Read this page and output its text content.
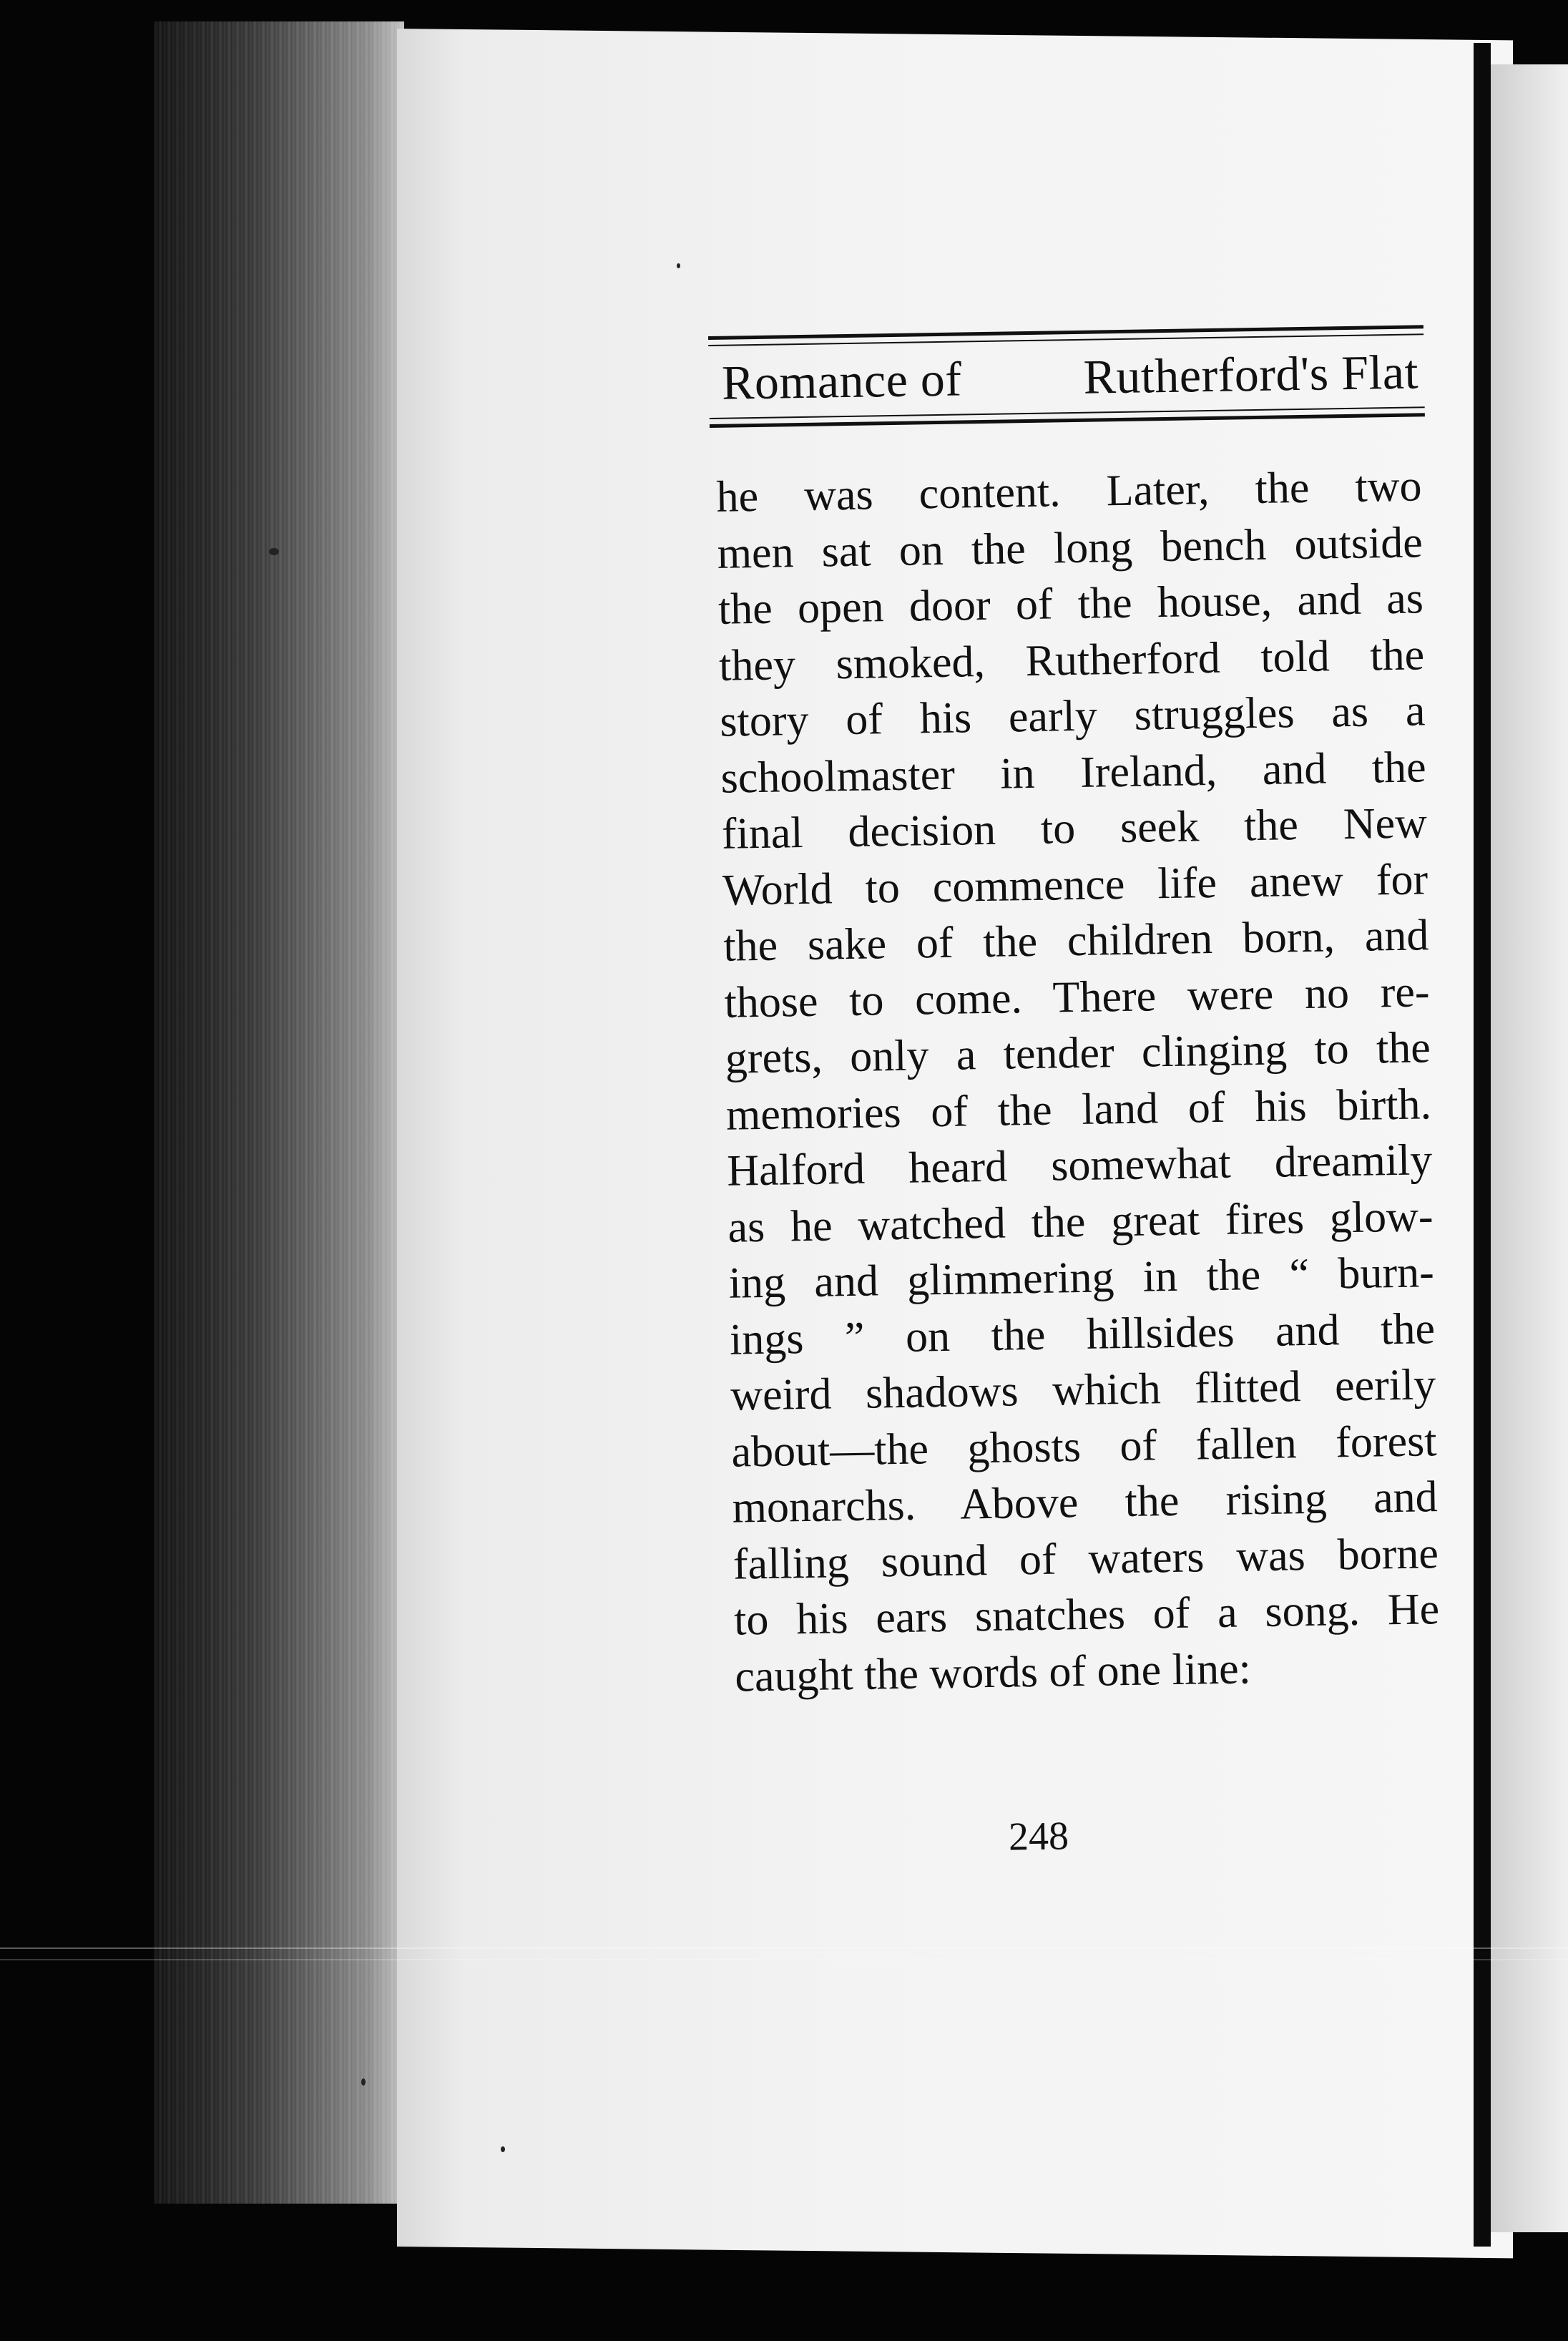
Romance of Rutherford's Flat
he was content. Later, the two
men sat on the long bench outside
the open door of the house, and as
they smoked, Rutherford told the
story of his early struggles as a
schoolmaster in Ireland, and the
final decision to seek the New
World to commence life anew for
the sake of the children born, and
those to come. There were no re-
grets, only a tender clinging to the
memories of the land of his birth.
Halford heard somewhat dreamily
as he watched the great fires glow-
ing and glimmering in the “ burn-
ings ” on the hillsides and the
weird shadows which flitted eerily
about—the ghosts of fallen forest
monarchs. Above the rising and
falling sound of waters was borne
to his ears snatches of a song. He
caught the words of one line:
248
